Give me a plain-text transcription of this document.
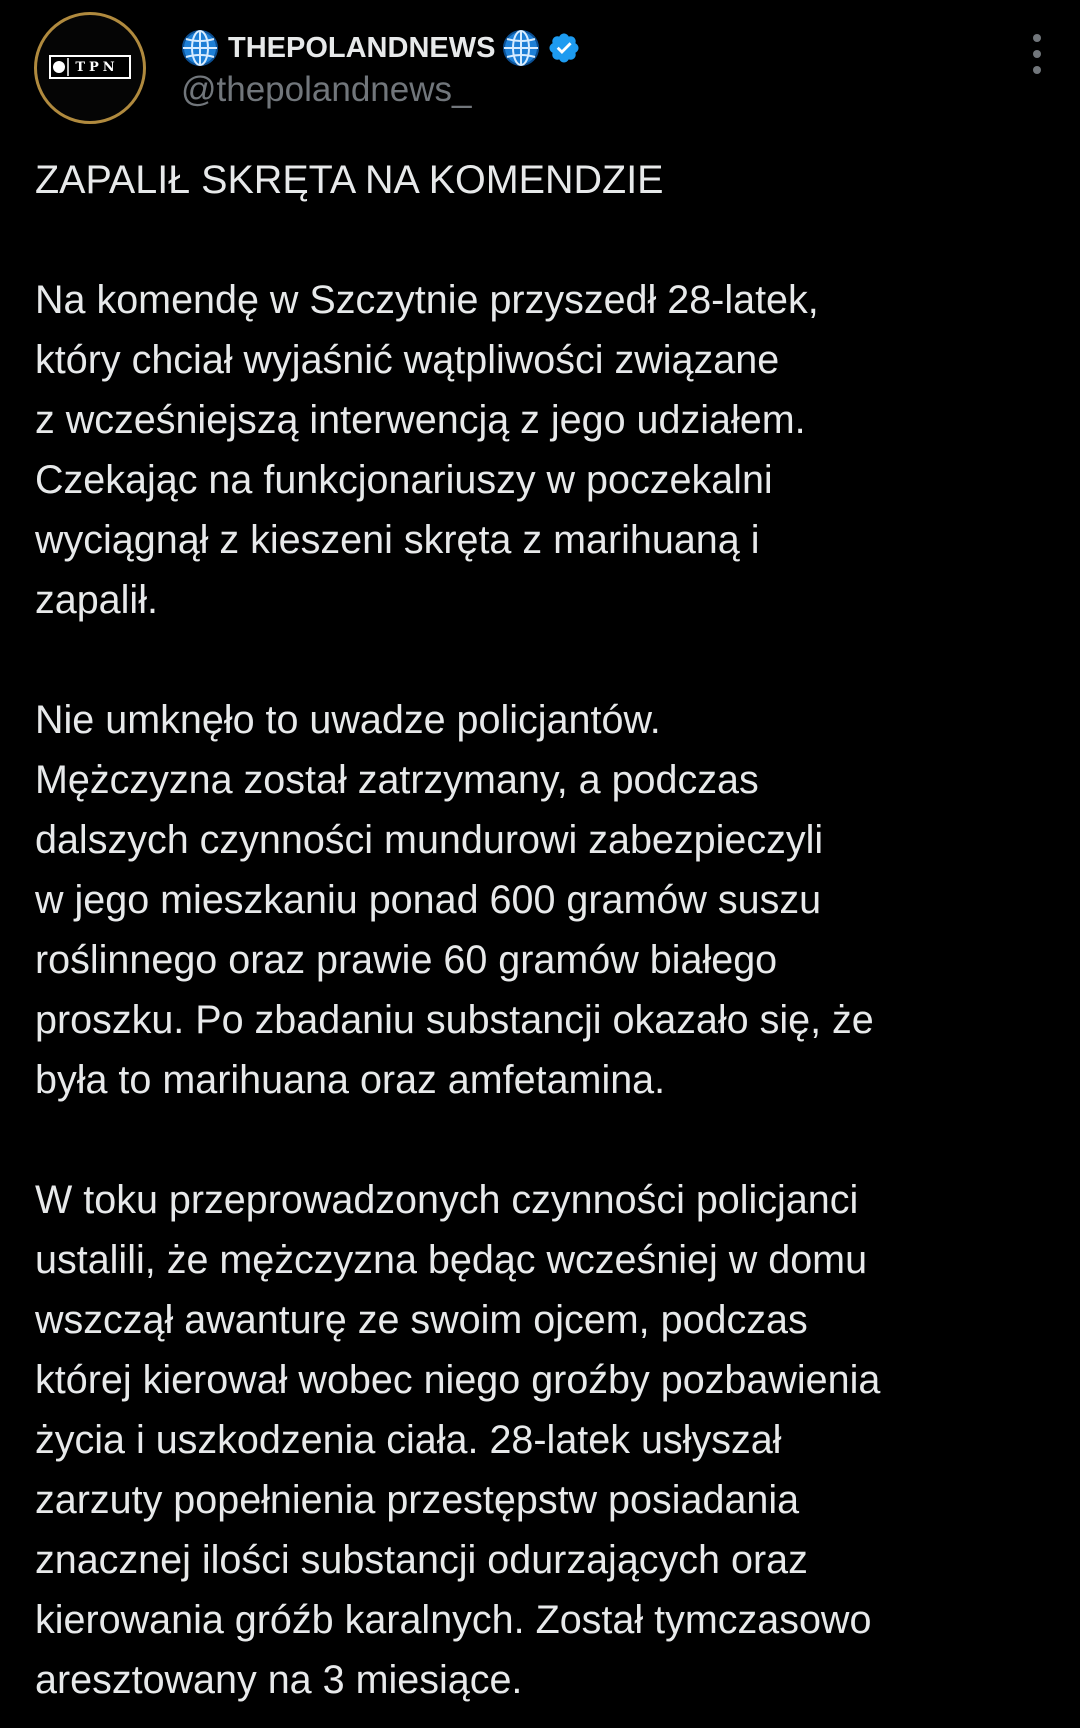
TPN
THEPOLANDNEWS
@thepolandnews_

ZAPALIŁ SKRĘTA NA KOMENDZIE

Na komendę w Szczytnie przyszedł 28-latek,
który chciał wyjaśnić wątpliwości związane
z wcześniejszą interwencją z jego udziałem.
Czekając na funkcjonariuszy w poczekalni
wyciągnął z kieszeni skręta z marihuaną i
zapalił.

Nie umknęło to uwadze policjantów.
Mężczyzna został zatrzymany, a podczas
dalszych czynności mundurowi zabezpieczyli
w jego mieszkaniu ponad 600 gramów suszu
roślinnego oraz prawie 60 gramów białego
proszku. Po zbadaniu substancji okazało się, że
była to marihuana oraz amfetamina.

W toku przeprowadzonych czynności policjanci
ustalili, że mężczyzna będąc wcześniej w domu
wszczął awanturę ze swoim ojcem, podczas
której kierował wobec niego groźby pozbawienia
życia i uszkodzenia ciała. 28-latek usłyszał
zarzuty popełnienia przestępstw posiadania
znacznej ilości substancji odurzających oraz
kierowania gróźb karalnych. Został tymczasowo
aresztowany na 3 miesiące.
